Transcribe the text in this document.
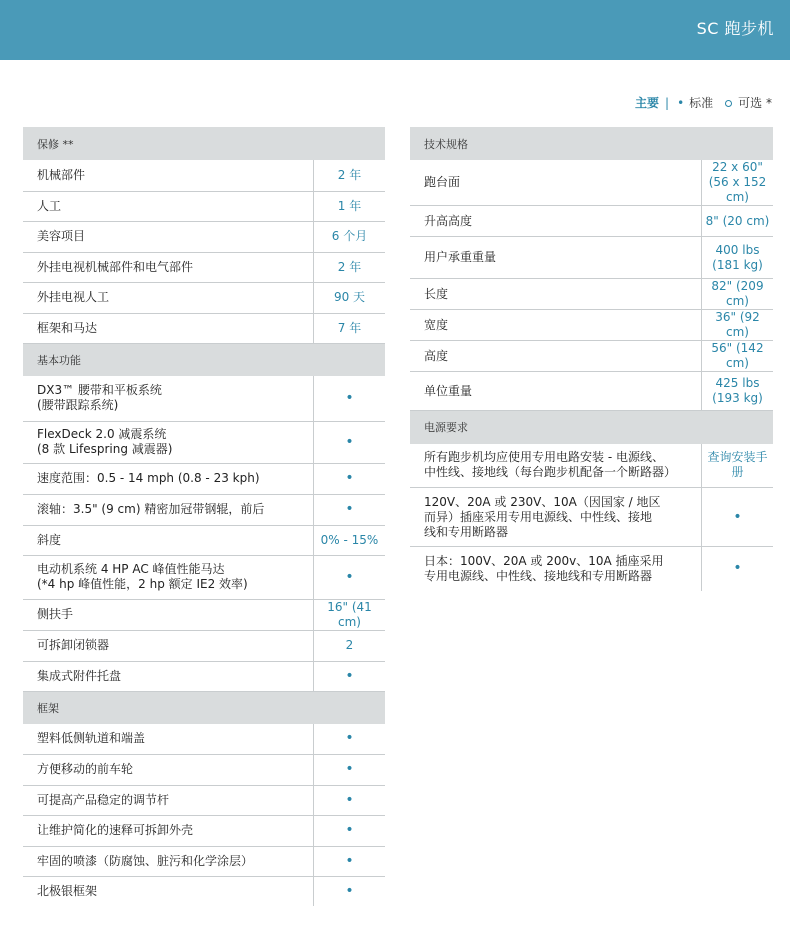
SC 跑步机
主要 | • 标准 可选 *
保修 **	
机械部件	2 年
人工	1 年
美容项目	6 个月
外挂电视机械部件和电气部件	2 年
外挂电视人工	90 天
框架和马达	7 年
基本功能	
DX3™ 腰带和平板系统
(腰带跟踪系统)	•
FlexDeck 2.0 减震系统
(8 款 Lifespring 减震器)	•
速度范围：0.5 - 14 mph (0.8 - 23 kph)	•
滚轴：3.5" (9 cm) 精密加冠带钢辊，前后	•
斜度	0% - 15%
电动机系统 4 HP AC 峰值性能马达
(*4 hp 峰值性能，2 hp 额定 IE2 效率)	•
侧扶手	16" (41 cm)
可拆卸闭锁器	2
集成式附件托盘	•
框架	
塑料低侧轨道和端盖	•
方便移动的前车轮	•
可提高产品稳定的调节杆	•
让维护简化的速释可拆卸外壳	•
牢固的喷漆（防腐蚀、脏污和化学涂层）	•
北极银框架	•
技术规格	
跑台面	22 x 60"
(56 x 152 cm)
升高高度	8" (20 cm)
用户承重重量	400 lbs
(181 kg)
长度	82" (209 cm)
宽度	36" (92 cm)
高度	56" (142 cm)
单位重量	425 lbs
(193 kg)
电源要求	
所有跑步机均应使用专用电路安装 - 电源线、
中性线、接地线（每台跑步机配备一个断路器）	查询安装手册
120V、20A 或 230V、10A（因国家 / 地区
而异）插座采用专用电源线、中性线、接地
线和专用断路器	•
日本：100V、20A 或 200v、10A 插座采用
专用电源线、中性线、接地线和专用断路器	•
